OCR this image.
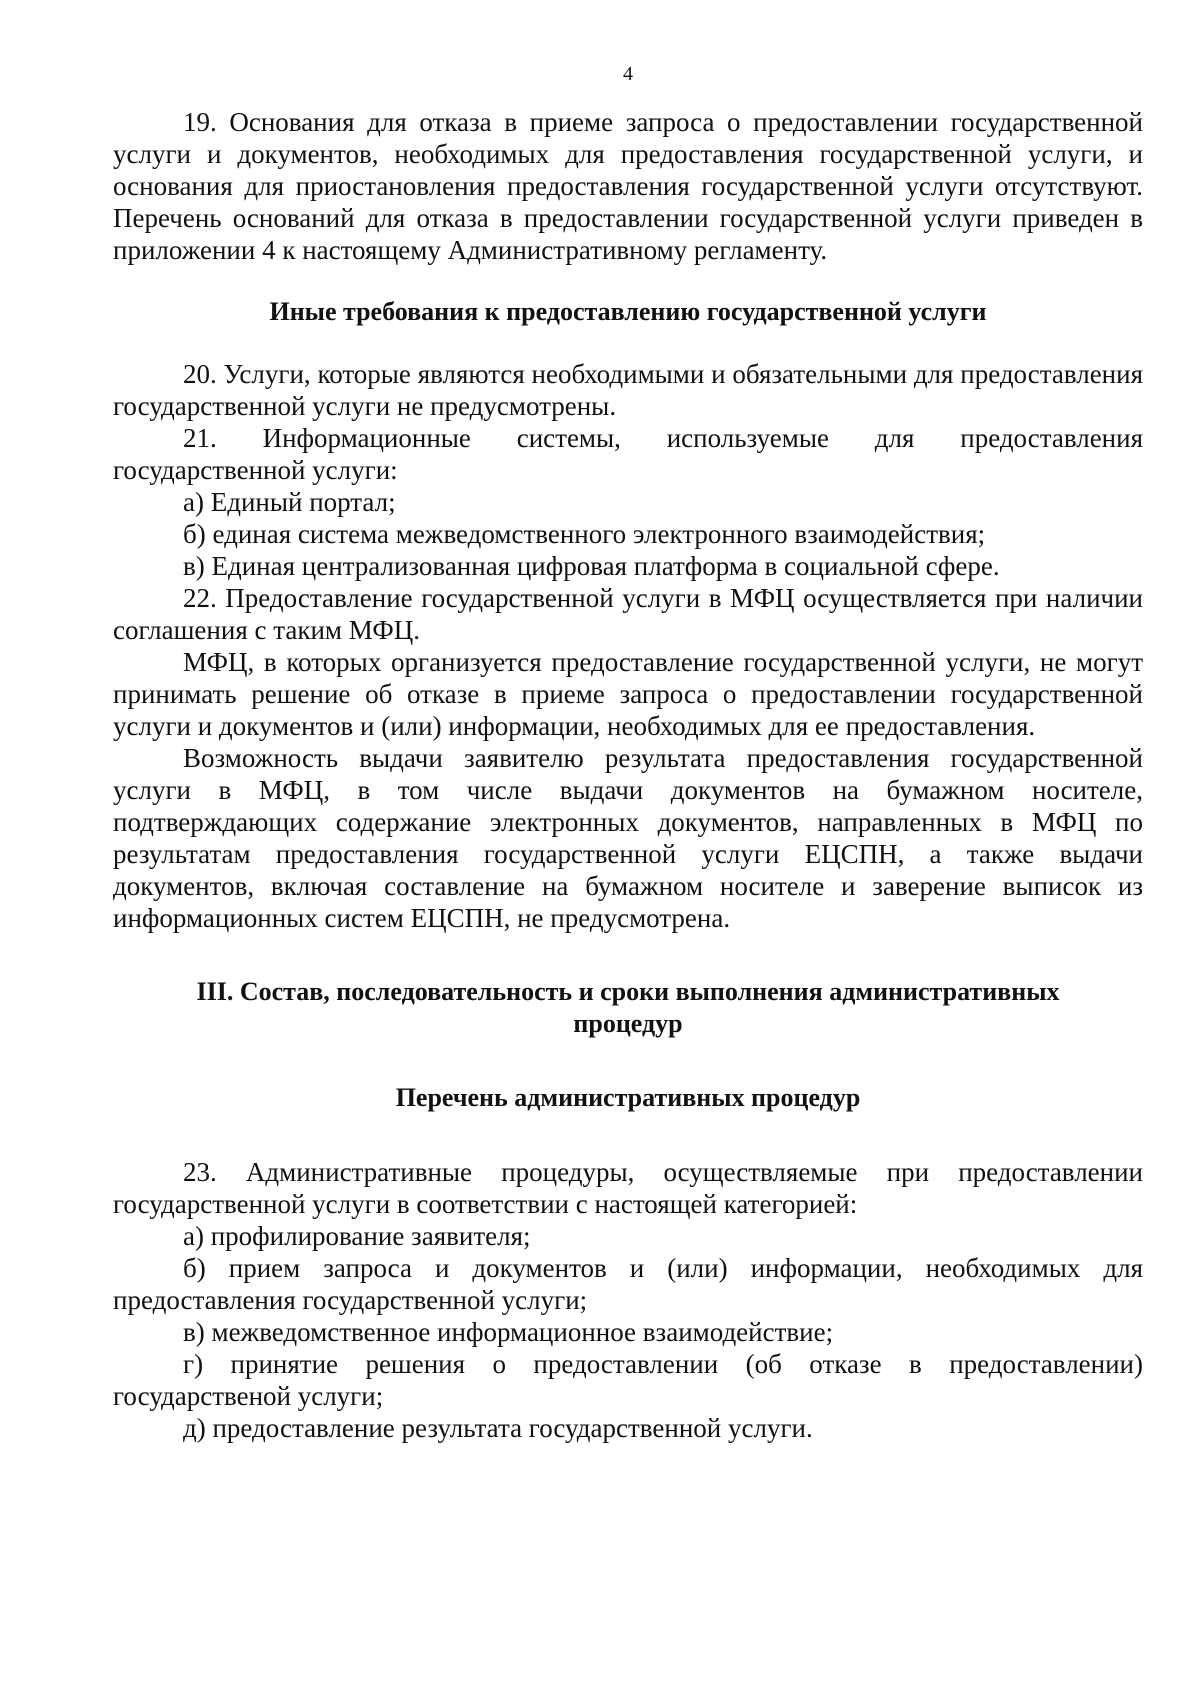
4

19. Основания для отказа в приеме запроса о предоставлении государственной услуги и документов, необходимых для предоставления государственной услуги, и основания для приостановления предоставления государственной услуги отсутствуют. Перечень оснований для отказа в предоставлении государственной услуги приведен в приложении 4 к настоящему Административному регламенту.

Иные требования к предоставлению государственной услуги

20. Услуги, которые являются необходимыми и обязательными для предоставления государственной услуги не предусмотрены.

21. Информационные системы, используемые для предоставления государственной услуги:

а) Единый портал;

б) единая система межведомственного электронного взаимодействия;

в) Единая централизованная цифровая платформа в социальной сфере.

22. Предоставление государственной услуги в МФЦ осуществляется при наличии соглашения с таким МФЦ.

МФЦ, в которых организуется предоставление государственной услуги, не могут принимать решение об отказе в приеме запроса о предоставлении государственной услуги и документов и (или) информации, необходимых для ее предоставления.

Возможность выдачи заявителю результата предоставления государственной услуги в МФЦ, в том числе выдачи документов на бумажном носителе, подтверждающих содержание электронных документов, направленных в МФЦ по результатам предоставления государственной услуги ЕЦСПН, а также выдачи документов, включая составление на бумажном носителе и заверение выписок из информационных систем ЕЦСПН, не предусмотрена.

III. Состав, последовательность и сроки выполнения административных
процедур
Перечень административных процедур

23. Административные процедуры, осуществляемые при предоставлении государственной услуги в соответствии с настоящей категорией:

а) профилирование заявителя;

б) прием запроса и документов и (или) информации, необходимых для предоставления государственной услуги;

в) межведомственное информационное взаимодействие;

г) принятие решения о предоставлении (об отказе в предоставлении) государственой услуги;

д) предоставление результата государственной услуги.
